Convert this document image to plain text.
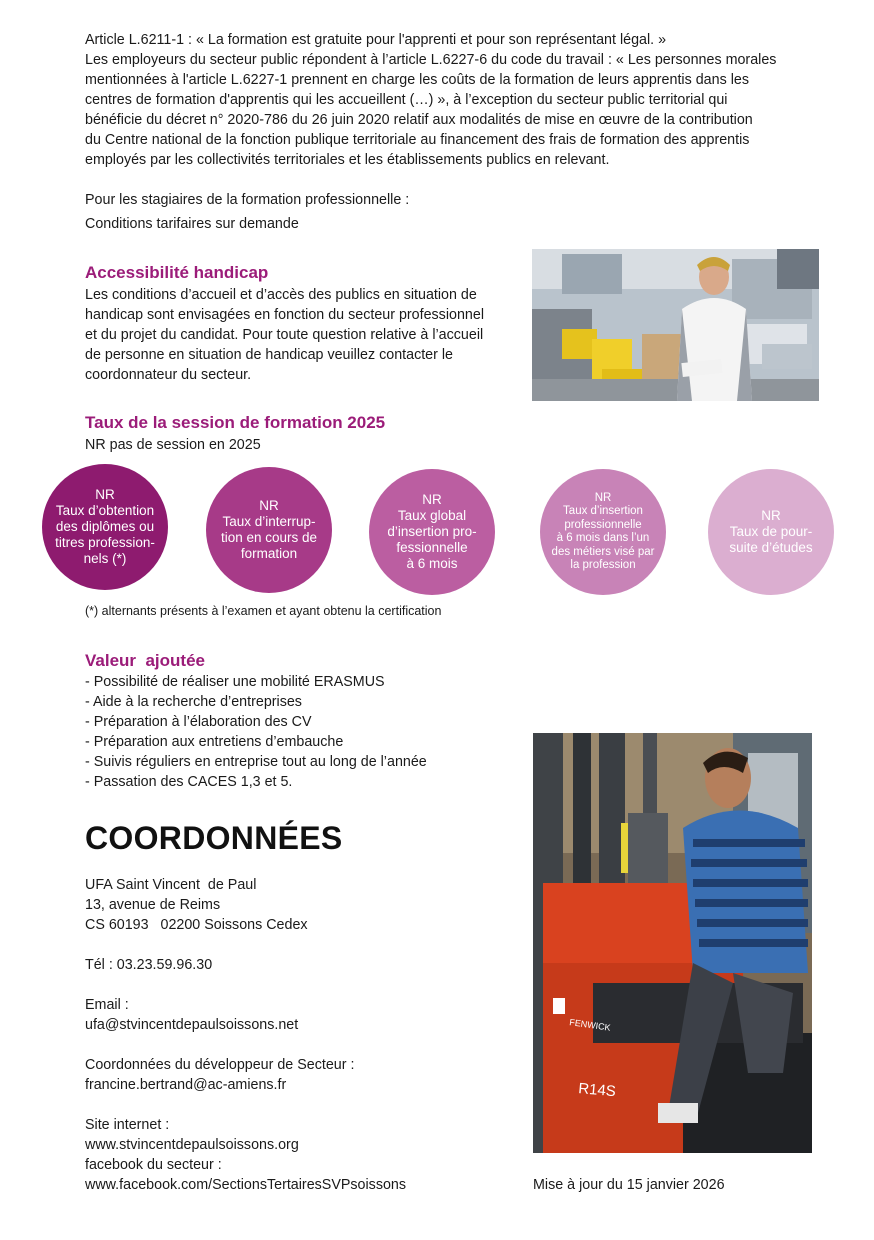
Article L.6211-1 : « La formation est gratuite pour l'apprenti et pour son représentant légal. »

Les employeurs du secteur public répondent à l’article L.6227-6 du code du travail : « Les personnes morales

mentionnées à l'article L.6227-1 prennent en charge les coûts de la formation de leurs apprentis dans les

centres de formation d'apprentis qui les accueillent (…) », à l’exception du secteur public territorial qui

bénéficie du décret n° 2020-786 du 26 juin 2020 relatif aux modalités de mise en œuvre de la contribution

du Centre national de la fonction publique territoriale au financement des frais de formation des apprentis

employés par les collectivités territoriales et les établissements publics en relevant.

Pour les stagiaires de la formation professionnelle :
Conditions tarifaires sur demande
Accessibilité handicap

Les conditions d’accueil et d’accès des publics en situation de

handicap sont envisagées en fonction du secteur professionnel

et du projet du candidat. Pour toute question relative à l’accueil

de personne en situation de handicap veuillez contacter le

coordonnateur du secteur.

Taux de la session de formation 2025
NR pas de session en 2025
NR
Taux d’obtention
des diplômes ou
titres profession-
nels (*)
NR
Taux d’interrup-
tion en cours de
formation
NR
Taux global
d’insertion pro-
fessionnelle
à 6 mois
NR
Taux d’insertion
professionnelle
à 6 mois dans l’un
des métiers visé par
la profession
NR
Taux de pour-
suite d’études
(*) alternants présents à l’examen et ayant obtenu la certification
Valeur  ajoutée

- Possibilité de réaliser une mobilité ERASMUS

- Aide à la recherche d’entreprises

- Préparation à l’élaboration des CV

- Préparation aux entretiens d’embauche

- Suivis réguliers en entreprise tout au long de l’année

- Passation des CACES 1,3 et 5.

COORDONNÉES

UFA Saint Vincent  de Paul

13, avenue de Reims

CS 60193   02200 Soissons Cedex

Tél : 03.23.59.96.30

Email :

ufa@stvincentdepaulsoissons.net

Coordonnées du développeur de Secteur :

francine.bertrand@ac-amiens.fr

Site internet :

www.stvincentdepaulsoissons.org

facebook du secteur :

www.facebook.com/SectionsTertairesSVPsoissons

FENWICK
R14S
Mise à jour du 15 janvier 2026
